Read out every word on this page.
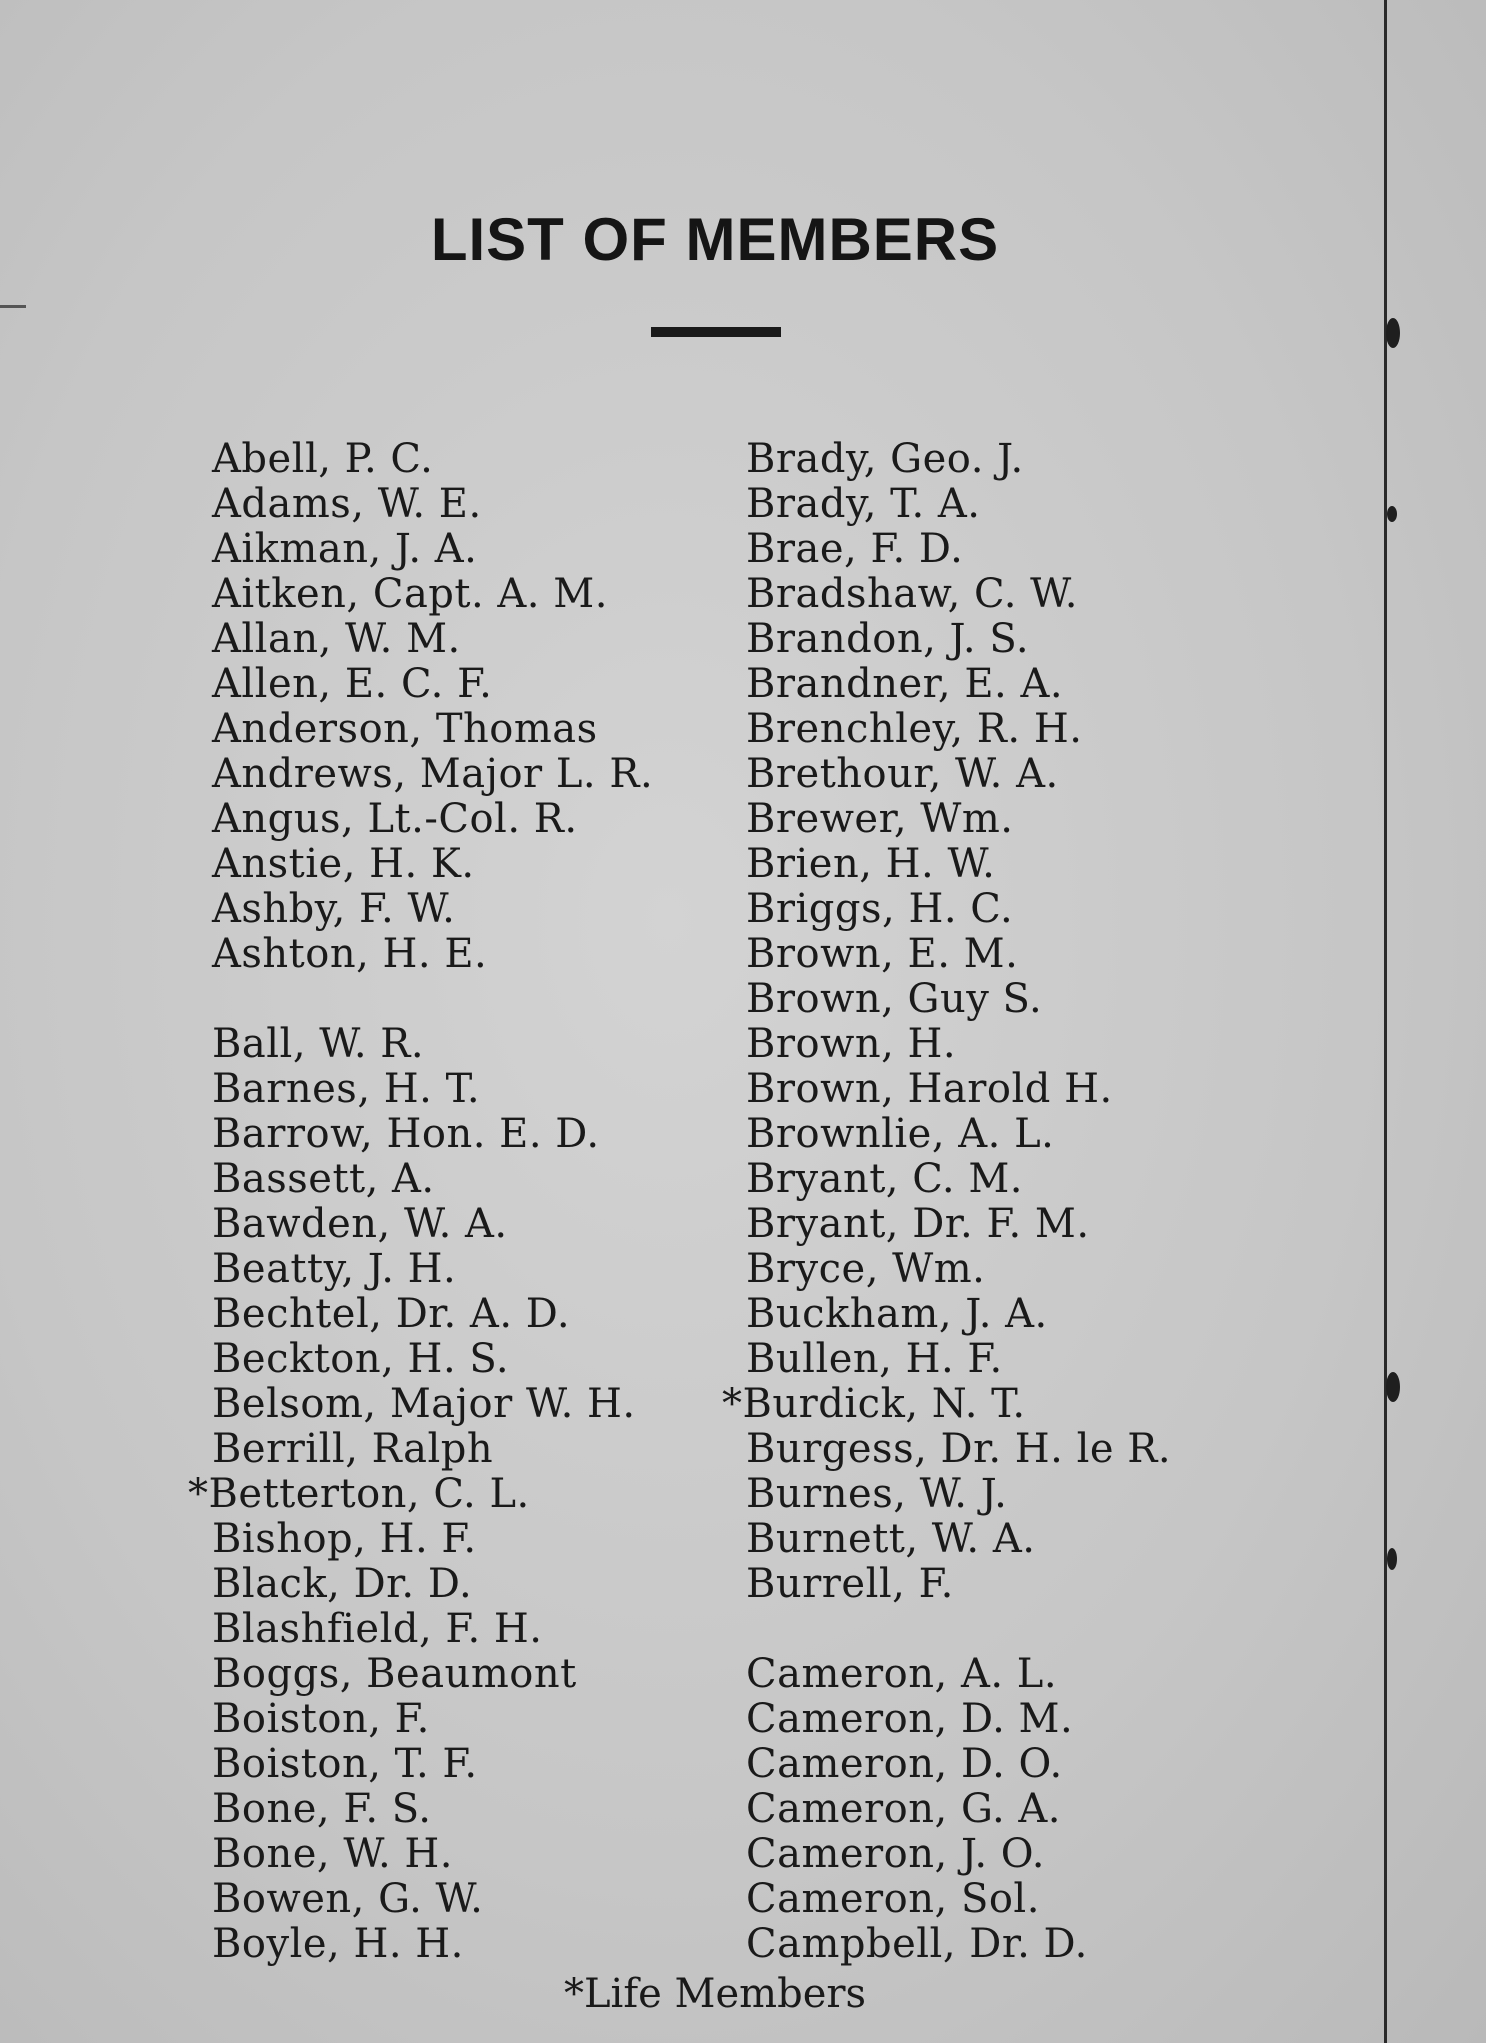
LIST OF MEMBERS
Abell, P. C.
Adams, W. E.
Aikman, J. A.
Aitken, Capt. A. M.
Allan, W. M.
Allen, E. C. F.
Anderson, Thomas
Andrews, Major L. R.
Angus, Lt.-Col. R.
Anstie, H. K.
Ashby, F. W.
Ashton, H. E.
Ball, W. R.
Barnes, H. T.
Barrow, Hon. E. D.
Bassett, A.
Bawden, W. A.
Beatty, J. H.
Bechtel, Dr. A. D.
Beckton, H. S.
Belsom, Major W. H.
Berrill, Ralph
*Betterton, C. L.
Bishop, H. F.
Black, Dr. D.
Blashfield, F. H.
Boggs, Beaumont
Boiston, F.
Boiston, T. F.
Bone, F. S.
Bone, W. H.
Bowen, G. W.
Boyle, H. H.
Brady, Geo. J.
Brady, T. A.
Brae, F. D.
Bradshaw, C. W.
Brandon, J. S.
Brandner, E. A.
Brenchley, R. H.
Brethour, W. A.
Brewer, Wm.
Brien, H. W.
Briggs, H. C.
Brown, E. M.
Brown, Guy S.
Brown, H.
Brown, Harold H.
Brownlie, A. L.
Bryant, C. M.
Bryant, Dr. F. M.
Bryce, Wm.
Buckham, J. A.
Bullen, H. F.
*Burdick, N. T.
Burgess, Dr. H. le R.
Burnes, W. J.
Burnett, W. A.
Burrell, F.
Cameron, A. L.
Cameron, D. M.
Cameron, D. O.
Cameron, G. A.
Cameron, J. O.
Cameron, Sol.
Campbell, Dr. D.
*Life Members
